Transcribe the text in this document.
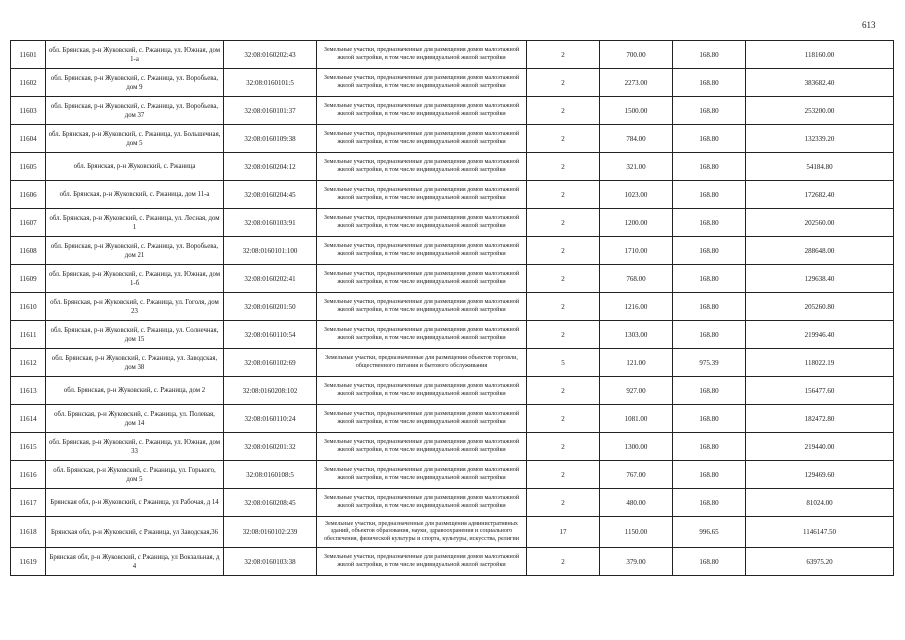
613
11601	обл. Брянская, р-н Жуковский, с. Ржаница, ул. Южная, дом 1-а	32:08:0160202:43	Земельные участки, предназначенные для размещения домов малоэтажной жилой застройки, в том числе индивидуальной жилой застройки	2	700.00	168.80	118160.00
11602	обл. Брянская, р-н Жуковский, с. Ржаница, ул. Воробьева, дом 9	32:08:0160101:5	Земельные участки, предназначенные для размещения домов малоэтажной жилой застройки, в том числе индивидуальной жилой застройки	2	2273.00	168.80	383682.40
11603	обл. Брянская, р-н Жуковский, с. Ржаница, ул. Воробьева, дом 37	32:08:0160101:37	Земельные участки, предназначенные для размещения домов малоэтажной жилой застройки, в том числе индивидуальной жилой застройки	2	1500.00	168.80	253200.00
11604	обл. Брянская, р-н Жуковский, с. Ржаница, ул. Большечная, дом 5	32:08:0160109:38	Земельные участки, предназначенные для размещения домов малоэтажной жилой застройки, в том числе индивидуальной жилой застройки	2	784.00	168.80	132339.20
11605	обл. Брянская, р-н Жуковский, с. Ржаница	32:08:0160204:12	Земельные участки, предназначенные для размещения домов малоэтажной жилой застройки, в том числе индивидуальной жилой застройки	2	321.00	168.80	54184.80
11606	обл. Брянская, р-н Жуковский, с. Ржаница, дом 11-а	32:08:0160204:45	Земельные участки, предназначенные для размещения домов малоэтажной жилой застройки, в том числе индивидуальной жилой застройки	2	1023.00	168.80	172682.40
11607	обл. Брянская, р-н Жуковский, с. Ржаница, ул. Лесная, дом 1	32:08:0160103:91	Земельные участки, предназначенные для размещения домов малоэтажной жилой застройки, в том числе индивидуальной жилой застройки	2	1200.00	168.80	202560.00
11608	обл. Брянская, р-н Жуковский, с. Ржаница, ул. Воробьева, дом 21	32:08:0160101:100	Земельные участки, предназначенные для размещения домов малоэтажной жилой застройки, в том числе индивидуальной жилой застройки	2	1710.00	168.80	288648.00
11609	обл. Брянская, р-н Жуковский, с. Ржаница, ул. Южная, дом 1-б	32:08:0160202:41	Земельные участки, предназначенные для размещения домов малоэтажной жилой застройки, в том числе индивидуальной жилой застройки	2	768.00	168.80	129638.40
11610	обл. Брянская, р-н Жуковский, с. Ржаница, ул. Гоголя, дом 23	32:08:0160201:50	Земельные участки, предназначенные для размещения домов малоэтажной жилой застройки, в том числе индивидуальной жилой застройки	2	1216.00	168.80	205260.80
11611	обл. Брянская, р-н Жуковский, с. Ржаница, ул. Солнечная, дом 15	32:08:0160110:54	Земельные участки, предназначенные для размещения домов малоэтажной жилой застройки, в том числе индивидуальной жилой застройки	2	1303.00	168.80	219946.40
11612	обл. Брянская, р-н Жуковский, с. Ржаница, ул. Заводская, дом 38	32:08:0160102:69	Земельные участки, предназначенные для размещения объектов торговли, общественного питания и бытового обслуживания	5	121.00	975.39	118022.19
11613	обл. Брянская, р-н Жуковский, с. Ржаница, дом 2	32:08:0160208:102	Земельные участки, предназначенные для размещения домов малоэтажной жилой застройки, в том числе индивидуальной жилой застройки	2	927.00	168.80	156477.60
11614	обл. Брянская, р-н Жуковский, с. Ржаница, ул. Полевая, дом 14	32:08:0160110:24	Земельные участки, предназначенные для размещения домов малоэтажной жилой застройки, в том числе индивидуальной жилой застройки	2	1081.00	168.80	182472.80
11615	обл. Брянская, р-н Жуковский, с. Ржаница, ул. Южная, дом 33	32:08:0160201:32	Земельные участки, предназначенные для размещения домов малоэтажной жилой застройки, в том числе индивидуальной жилой застройки	2	1300.00	168.80	219440.00
11616	обл. Брянская, р-н Жуковский, с. Ржаница, ул. Горького, дом 5	32:08:0160108:5	Земельные участки, предназначенные для размещения домов малоэтажной жилой застройки, в том числе индивидуальной жилой застройки	2	767.00	168.80	129469.60
11617	Брянская обл, р-н Жуковский, с Ржаница, ул Рабочая, д 14	32:08:0160208:45	Земельные участки, предназначенные для размещения домов малоэтажной жилой застройки, в том числе индивидуальной жилой застройки	2	480.00	168.80	81024.00
11618	Брянская обл, р-н Жуковский, с Ржаница, ул Заводская,36	32:08:0160102:239	Земельные участки, предназначенные для размещения административных зданий, объектов образования, науки, здравоохранения и социального обеспечения, физической культуры и спорта, культуры, искусства, религии	17	1150.00	996.65	1146147.50
11619	Брянская обл, р-н Жуковский, с Ржаница, ул Вокзальная, д 4	32:08:0160103:38	Земельные участки, предназначенные для размещения домов малоэтажной жилой застройки, в том числе индивидуальной жилой застройки	2	379.00	168.80	63975.20
